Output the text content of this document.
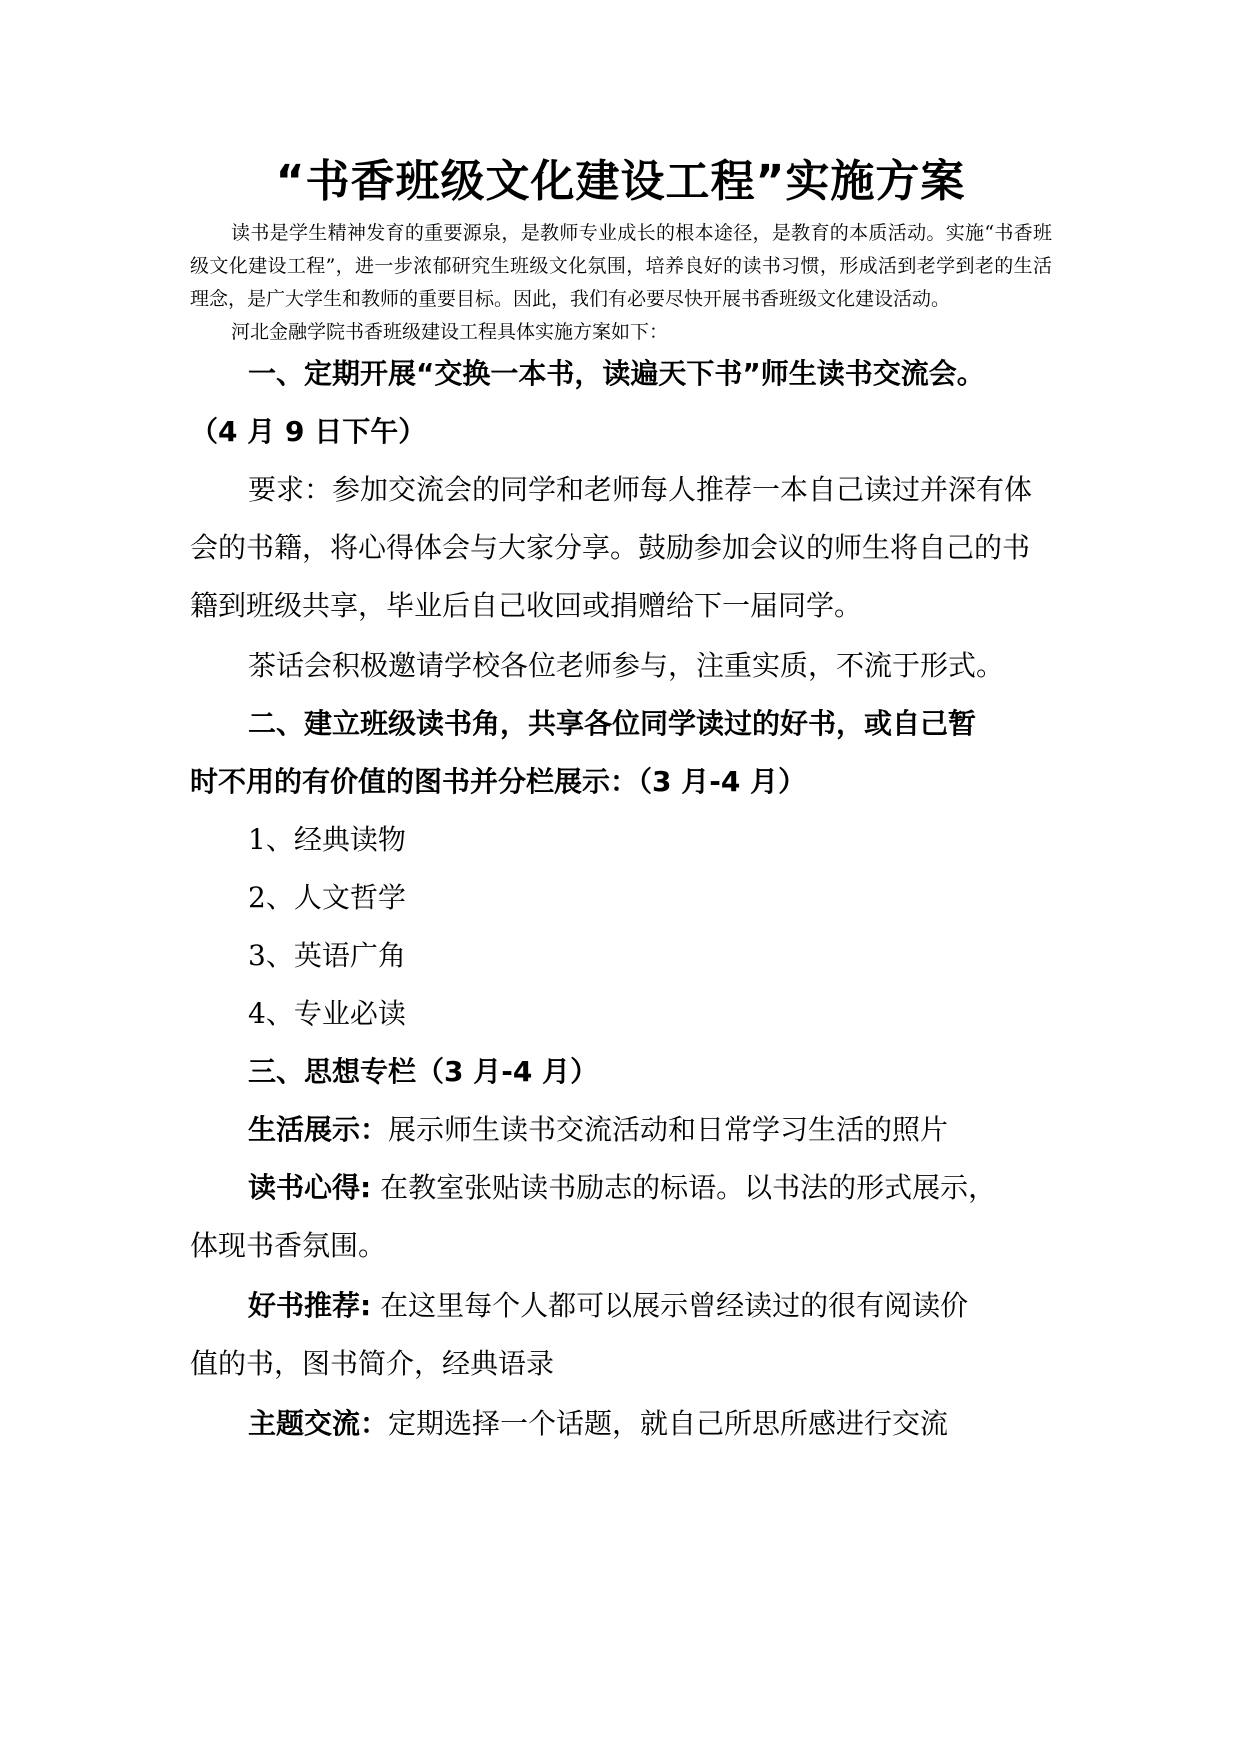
“书香班级文化建设工程”实施方案

读书是学生精神发育的重要源泉，是教师专业成长的根本途径，是教育的本质活动。实施“书香班级文化建设工程”，进一步浓郁研究生班级文化氛围，培养良好的读书习惯，形成活到老学到老的生活理念，是广大学生和教师的重要目标。因此，我们有必要尽快开展书香班级文化建设活动。

河北金融学院书香班级建设工程具体实施方案如下：

一、定期开展“交换一本书，读遍天下书”师生读书交流会。
（4 月 9 日下午）
要求：参加交流会的同学和老师每人推荐一本自己读过并深有体
会的书籍，将心得体会与大家分享。鼓励参加会议的师生将自己的书
籍到班级共享，毕业后自己收回或捐赠给下一届同学。
茶话会积极邀请学校各位老师参与，注重实质，不流于形式。
二、建立班级读书角，共享各位同学读过的好书，或自己暂
时不用的有价值的图书并分栏展示：（3 月-4 月）
1、经典读物
2、人文哲学
3、英语广角
4、专业必读
三、思想专栏（3 月-4 月）
生活展示：展示师生读书交流活动和日常学习生活的照片
读书心得: 在教室张贴读书励志的标语。以书法的形式展示，
体现书香氛围。
好书推荐: 在这里每个人都可以展示曾经读过的很有阅读价
值的书，图书简介，经典语录
主题交流：定期选择一个话题，就自己所思所感进行交流
